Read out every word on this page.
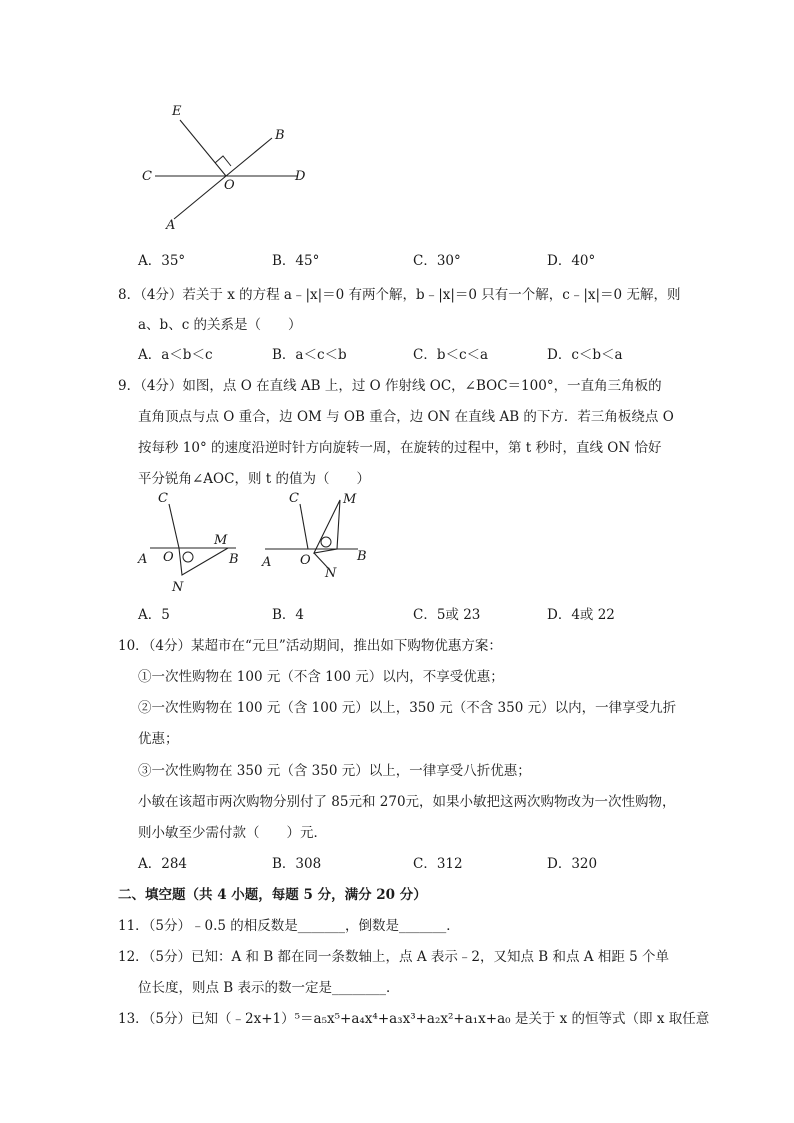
E
B
C
O
D
A
A．35°	B．45°	C．30°	D．40°
8．（4分）若关于 x 的方程 a﹣|x|＝0 有两个解，b﹣|x|＝0 只有一个解，c﹣|x|＝0 无解，则
a、b、c 的关系是（　　）
A．a＜b＜c	B．a＜c＜b	C．b＜c＜a	D．c＜b＜a
9．（4分）如图，点 O 在直线 AB 上，过 O 作射线 OC，∠BOC＝100°，一直角三角板的
直角顶点与点 O 重合，边 OM 与 OB 重合，边 ON 在直线 AB 的下方．若三角板绕点 O
按每秒 10° 的速度沿逆时针方向旋转一周，在旋转的过程中，第 t 秒时，直线 ON 恰好
平分锐角∠AOC，则 t 的值为（　　）
C
A O
M
B
N
C	M
A O	B
N
A．5	B．4	C．5或 23	D．4或 22
10．（4分）某超市在“元旦”活动期间，推出如下购物优惠方案：
①一次性购物在 100 元（不含 100 元）以内，不享受优惠；
②一次性购物在 100 元（含 100 元）以上，350 元（不含 350 元）以内，一律享受九折
优惠；
③一次性购物在 350 元（含 350 元）以上，一律享受八折优惠；
小敏在该超市两次购物分别付了 85元和 270元，如果小敏把这两次购物改为一次性购物，
则小敏至少需付款（　　）元．
A．284	B．308	C．312	D．320
二、填空题（共 4 小题，每题 5 分，满分 20 分）
11．（5分）﹣0.5 的相反数是_______，倒数是_______．
12．（5分）已知：A 和 B 都在同一条数轴上，点 A 表示﹣2，又知点 B 和点 A 相距 5 个单
位长度，则点 B 表示的数一定是________．
13．（5分）已知（﹣2x+1）⁵＝a₅x⁵+a₄x⁴+a₃x³+a₂x²+a₁x+a₀ 是关于 x 的恒等式（即 x 取任意
